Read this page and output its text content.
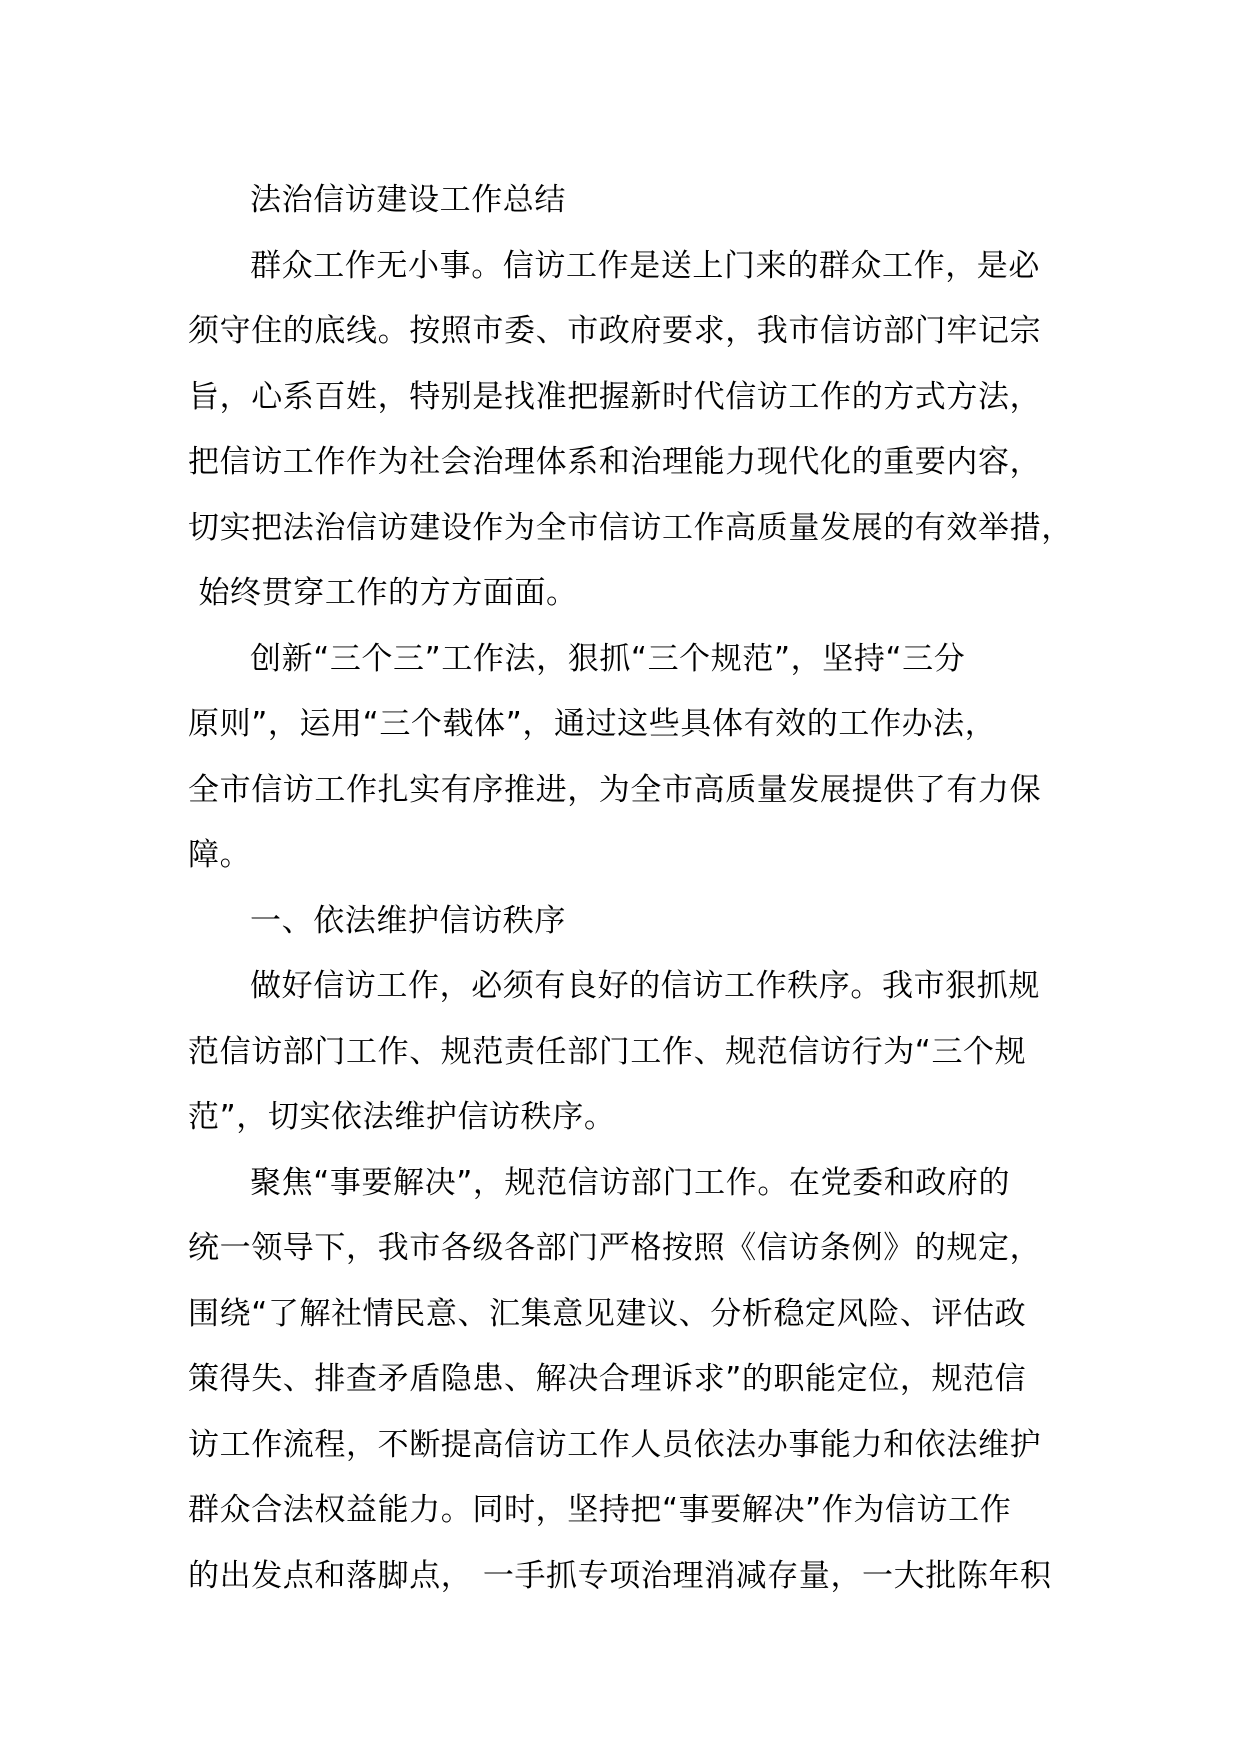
法治信访建设工作总结
群众工作无小事。信访工作是送上门来的群众工作，是必
须守住的底线。按照市委、市政府要求，我市信访部门牢记宗
旨，心系百姓，特别是找准把握新时代信访工作的方式方法，
把信访工作作为社会治理体系和治理能力现代化的重要内容，
切实把法治信访建设作为全市信访工作高质量发展的有效举措，
始终贯穿工作的方方面面。
创新“三个三”工作法，狠抓“三个规范”，坚持“三分
原则”，运用“三个载体”，通过这些具体有效的工作办法，
全市信访工作扎实有序推进，为全市高质量发展提供了有力保
障。
一、依法维护信访秩序
做好信访工作，必须有良好的信访工作秩序。我市狠抓规
范信访部门工作、规范责任部门工作、规范信访行为“三个规
范”，切实依法维护信访秩序。
聚焦“事要解决”，规范信访部门工作。在党委和政府的
统一领导下，我市各级各部门严格按照《信访条例》的规定，
围绕“了解社情民意、汇集意见建议、分析稳定风险、评估政
策得失、排查矛盾隐患、解决合理诉求”的职能定位，规范信
访工作流程，不断提高信访工作人员依法办事能力和依法维护
群众合法权益能力。同时，坚持把“事要解决”作为信访工作
的出发点和落脚点， 一手抓专项治理消减存量，一大批陈年积
